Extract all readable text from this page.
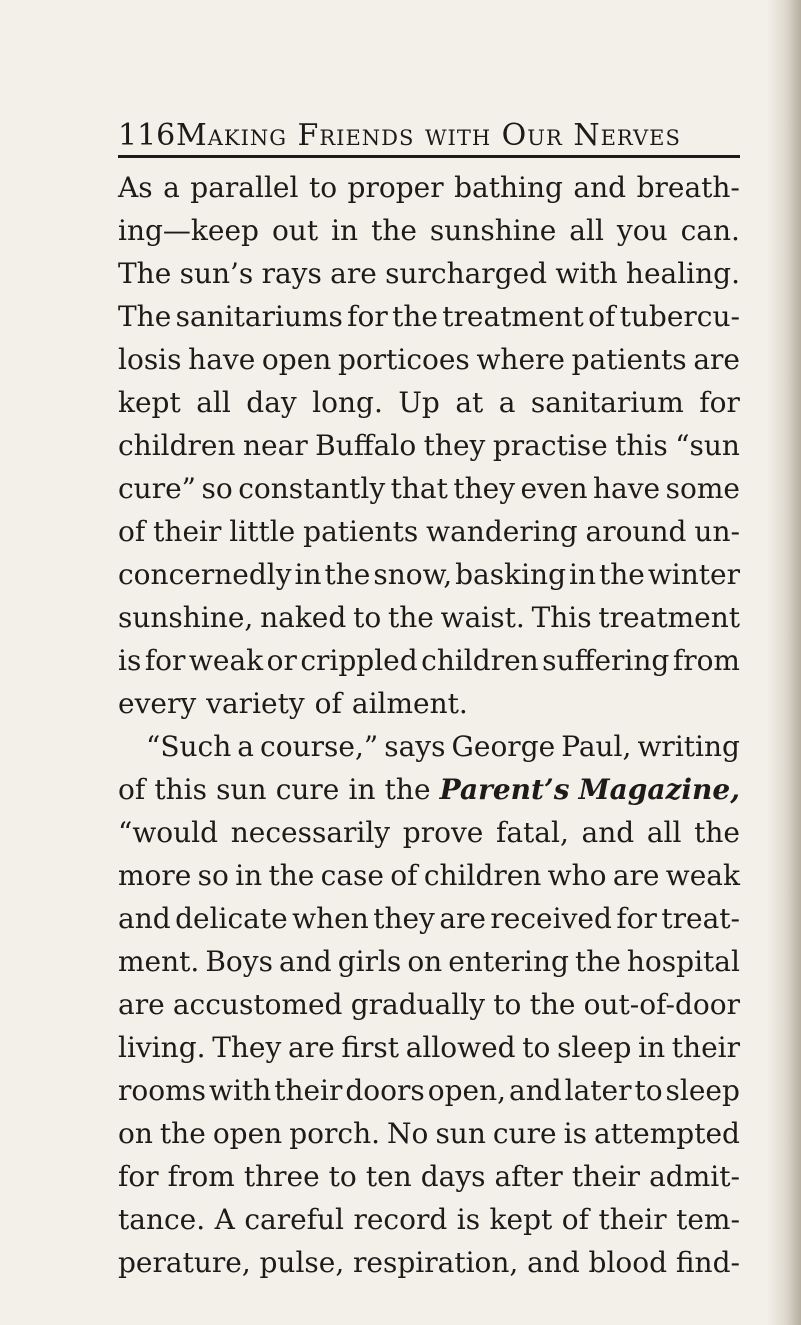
116 Making Friends with Our Nerves
As a parallel to proper bathing and breath-
ing—keep out in the sunshine all you can.
The sun’s rays are surcharged with healing.
The sanitariums for the treatment of tubercu-
losis have open porticoes where patients are
kept all day long. Up at a sanitarium for
children near Buffalo they practise this “sun
cure” so constantly that they even have some
of their little patients wandering around un-
concernedly in the snow, basking in the winter
sunshine, naked to the waist. This treatment
is for weak or crippled children suffering from
every variety of ailment.
“Such a course,” says George Paul, writing
of this sun cure in the Parent’s Magazine,
“would necessarily prove fatal, and all the
more so in the case of children who are weak
and delicate when they are received for treat-
ment. Boys and girls on entering the hospital
are accustomed gradually to the out-of-door
living. They are first allowed to sleep in their
rooms with their doors open, and later to sleep
on the open porch. No sun cure is attempted
for from three to ten days after their admit-
tance. A careful record is kept of their tem-
perature, pulse, respiration, and blood find-
